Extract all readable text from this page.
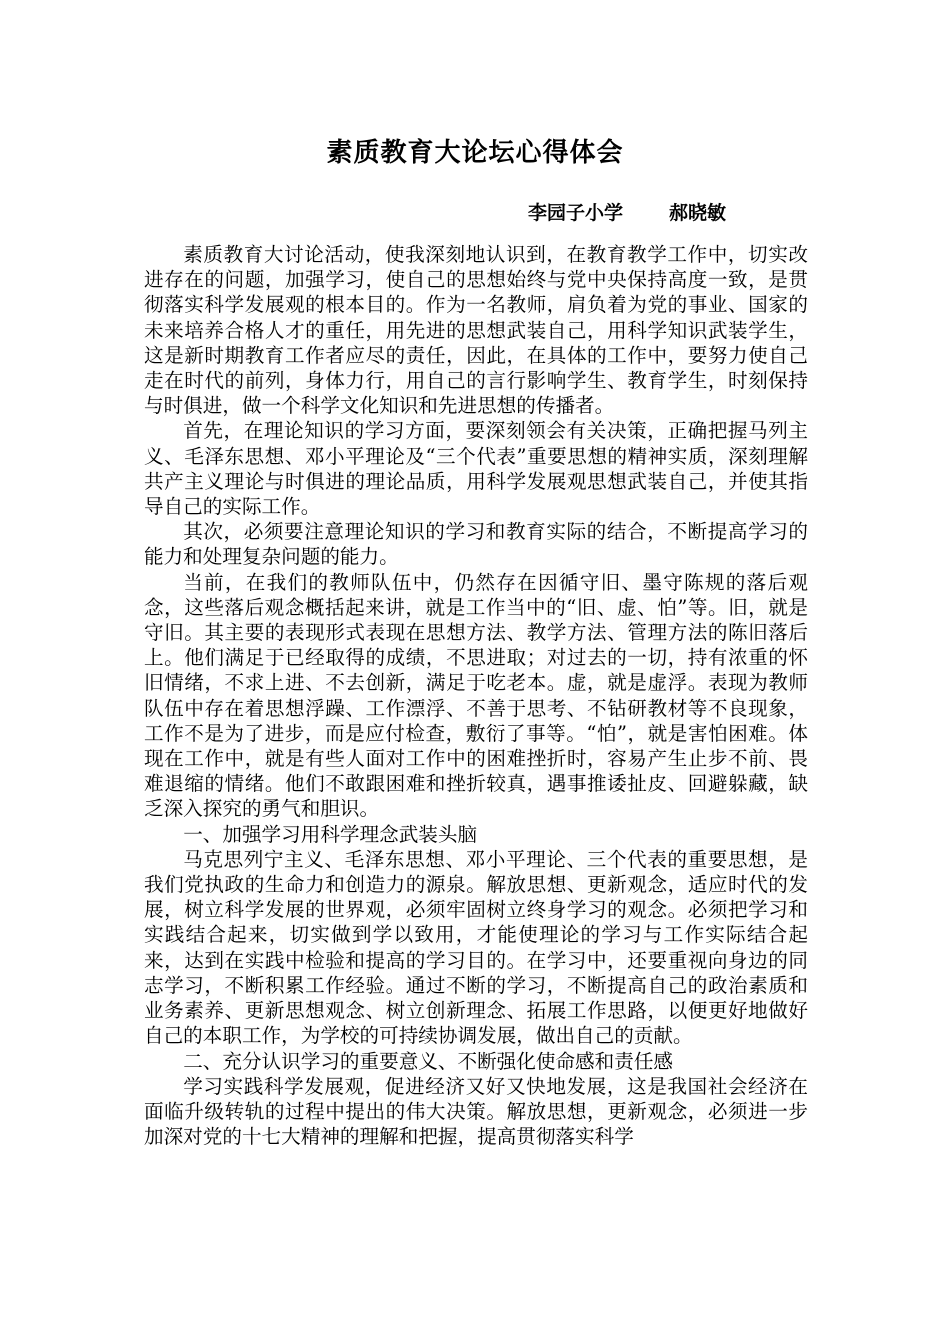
素质教育大论坛心得体会
李园子小学 郝晓敏

素质教育大讨论活动，使我深刻地认识到，在教育教学工作中，切实改进存在的问题，加强学习，使自己的思想始终与党中央保持高度一致，是贯彻落实科学发展观的根本目的。作为一名教师，肩负着为党的事业、国家的未来培养合格人才的重任，用先进的思想武装自己，用科学知识武装学生，这是新时期教育工作者应尽的责任，因此，在具体的工作中，要努力使自己走在时代的前列，身体力行，用自己的言行影响学生、教育学生，时刻保持与时俱进，做一个科学文化知识和先进思想的传播者。

首先，在理论知识的学习方面，要深刻领会有关决策，正确把握马列主义、毛泽东思想、邓小平理论及“三个代表”重要思想的精神实质，深刻理解共产主义理论与时俱进的理论品质，用科学发展观思想武装自己，并使其指导自己的实际工作。

其次，必须要注意理论知识的学习和教育实际的结合，不断提高学习的能力和处理复杂问题的能力。

当前，在我们的教师队伍中，仍然存在因循守旧、墨守陈规的落后观念，这些落后观念概括起来讲，就是工作当中的“旧、虚、怕”等。旧，就是守旧。其主要的表现形式表现在思想方法、教学方法、管理方法的陈旧落后上。他们满足于已经取得的成绩，不思进取；对过去的一切，持有浓重的怀旧情绪，不求上进、不去创新，满足于吃老本。虚，就是虚浮。表现为教师队伍中存在着思想浮躁、工作漂浮、不善于思考、不钻研教材等不良现象，工作不是为了进步，而是应付检查，敷衍了事等。“怕”，就是害怕困难。体现在工作中，就是有些人面对工作中的困难挫折时，容易产生止步不前、畏难退缩的情绪。他们不敢跟困难和挫折较真，遇事推诿扯皮、回避躲藏，缺乏深入探究的勇气和胆识。

一、加强学习用科学理念武装头脑

马克思列宁主义、毛泽东思想、邓小平理论、三个代表的重要思想，是我们党执政的生命力和创造力的源泉。解放思想、更新观念，适应时代的发展，树立科学发展的世界观，必须牢固树立终身学习的观念。必须把学习和实践结合起来，切实做到学以致用，才能使理论的学习与工作实际结合起来，达到在实践中检验和提高的学习目的。在学习中，还要重视向身边的同志学习，不断积累工作经验。通过不断的学习，不断提高自己的政治素质和业务素养、更新思想观念、树立创新理念、拓展工作思路，以便更好地做好自己的本职工作，为学校的可持续协调发展，做出自己的贡献。

二、充分认识学习的重要意义、不断强化使命感和责任感

学习实践科学发展观，促进经济又好又快地发展，这是我国社会经济在面临升级转轨的过程中提出的伟大决策。解放思想，更新观念，必须进一步加深对党的十七大精神的理解和把握，提高贯彻落实科学
